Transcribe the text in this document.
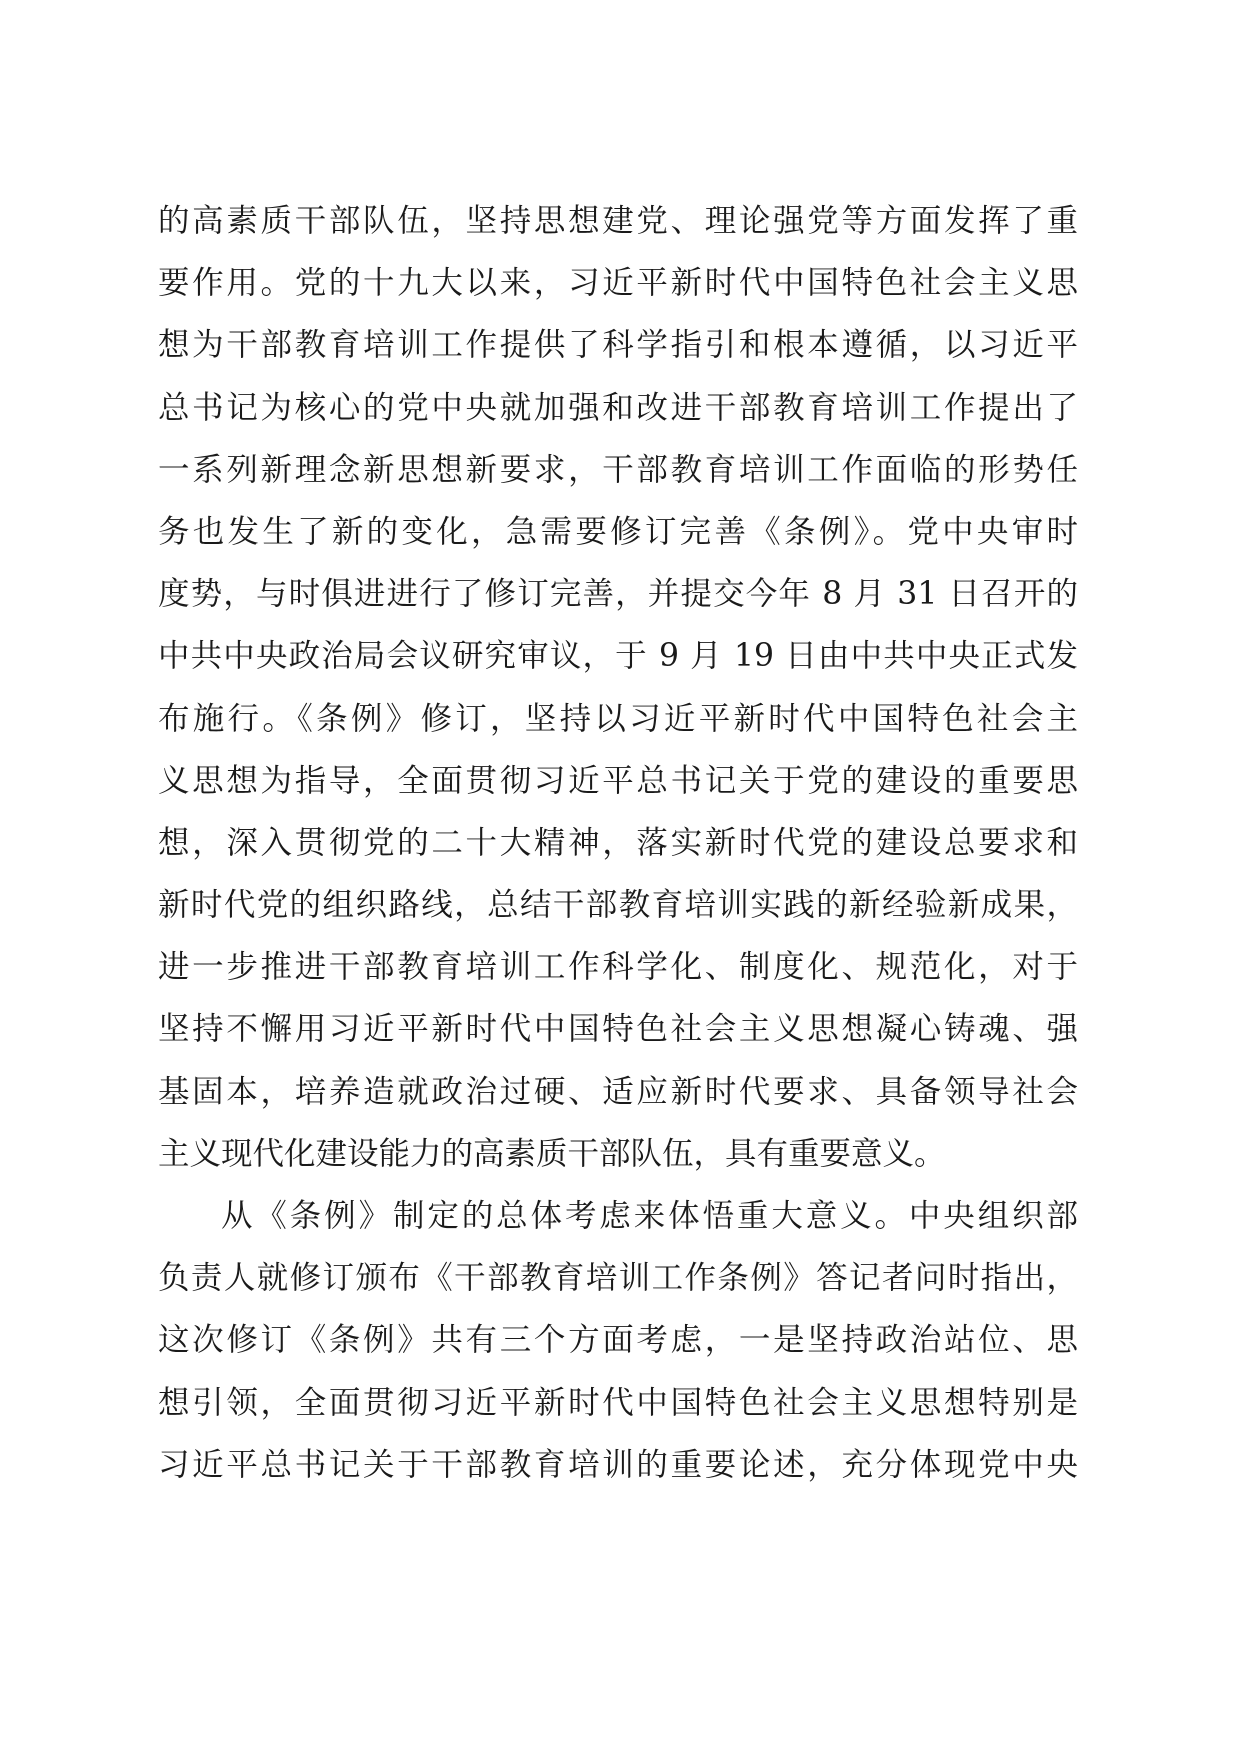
的高素质干部队伍，坚持思想建党、理论强党等方面发挥了重
要作用。党的十九大以来，习近平新时代中国特色社会主义思
想为干部教育培训工作提供了科学指引和根本遵循，以习近平
总书记为核心的党中央就加强和改进干部教育培训工作提出了
一系列新理念新思想新要求，干部教育培训工作面临的形势任
务也发生了新的变化，急需要修订完善《条例》。党中央审时
度势，与时俱进进行了修订完善，并提交今年 8 月 31 日召开的
中共中央政治局会议研究审议，于 9 月 19 日由中共中央正式发
布施行。《条例》修订，坚持以习近平新时代中国特色社会主
义思想为指导，全面贯彻习近平总书记关于党的建设的重要思
想，深入贯彻党的二十大精神，落实新时代党的建设总要求和
新时代党的组织路线，总结干部教育培训实践的新经验新成果，
进一步推进干部教育培训工作科学化、制度化、规范化，对于
坚持不懈用习近平新时代中国特色社会主义思想凝心铸魂、强
基固本，培养造就政治过硬、适应新时代要求、具备领导社会
主义现代化建设能力的高素质干部队伍，具有重要意义。
从《条例》制定的总体考虑来体悟重大意义。中央组织部
负责人就修订颁布《干部教育培训工作条例》答记者问时指出，
这次修订《条例》共有三个方面考虑，一是坚持政治站位、思
想引领，全面贯彻习近平新时代中国特色社会主义思想特别是
习近平总书记关于干部教育培训的重要论述，充分体现党中央
